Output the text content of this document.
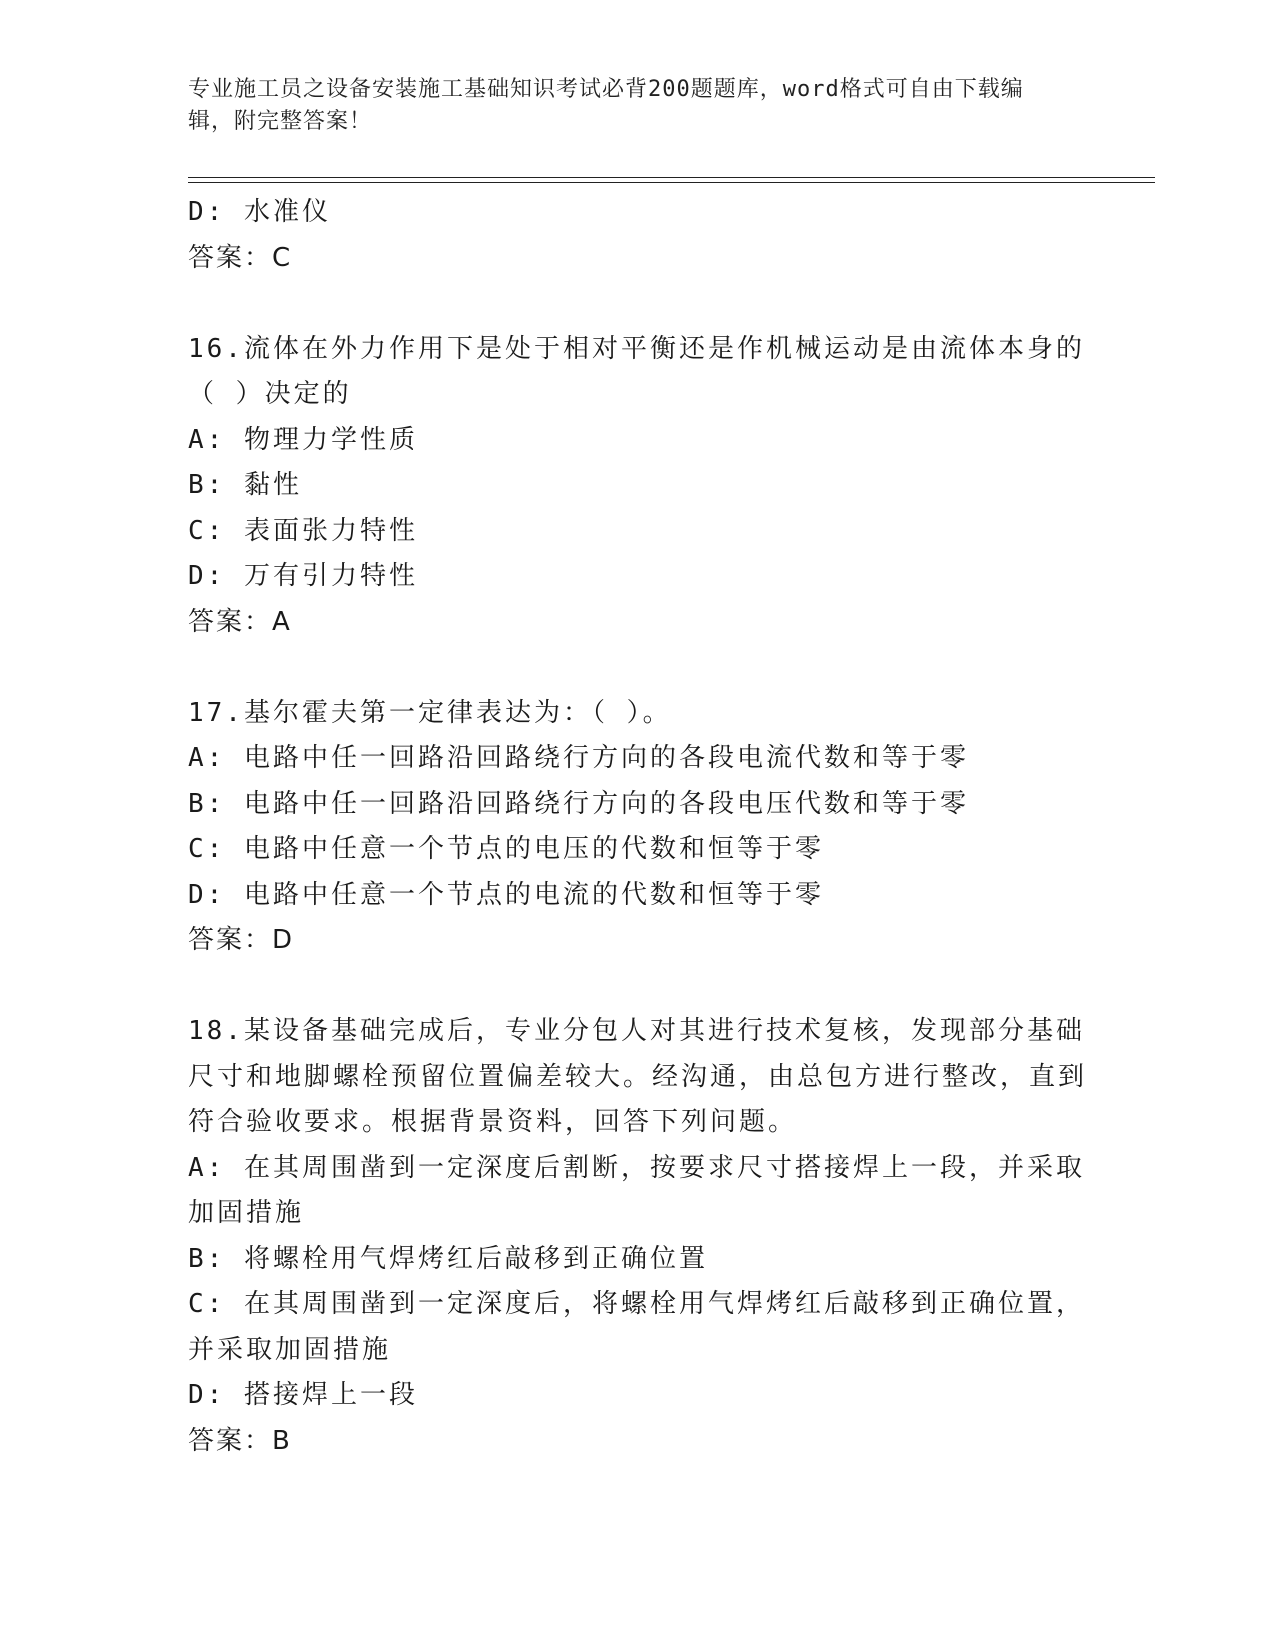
专业施工员之设备安装施工基础知识考试必背200题题库，word格式可自由下载编辑，附完整答案！
D: 水准仪
答案：C
16.流体在外力作用下是处于相对平衡还是作机械运动是由流体本身的（ ）决定的
A: 物理力学性质
B: 黏性
C: 表面张力特性
D: 万有引力特性
答案：A
17.基尔霍夫第一定律表达为：（ ）。
A: 电路中任一回路沿回路绕行方向的各段电流代数和等于零
B: 电路中任一回路沿回路绕行方向的各段电压代数和等于零
C: 电路中任意一个节点的电压的代数和恒等于零
D: 电路中任意一个节点的电流的代数和恒等于零
答案：D
18.某设备基础完成后，专业分包人对其进行技术复核，发现部分基础尺寸和地脚螺栓预留位置偏差较大。经沟通，由总包方进行整改，直到符合验收要求。根据背景资料，回答下列问题。
A: 在其周围凿到一定深度后割断，按要求尺寸搭接焊上一段，并采取加固措施
B: 将螺栓用气焊烤红后敲移到正确位置
C: 在其周围凿到一定深度后，将螺栓用气焊烤红后敲移到正确位置，并采取加固措施
D: 搭接焊上一段
答案：B
